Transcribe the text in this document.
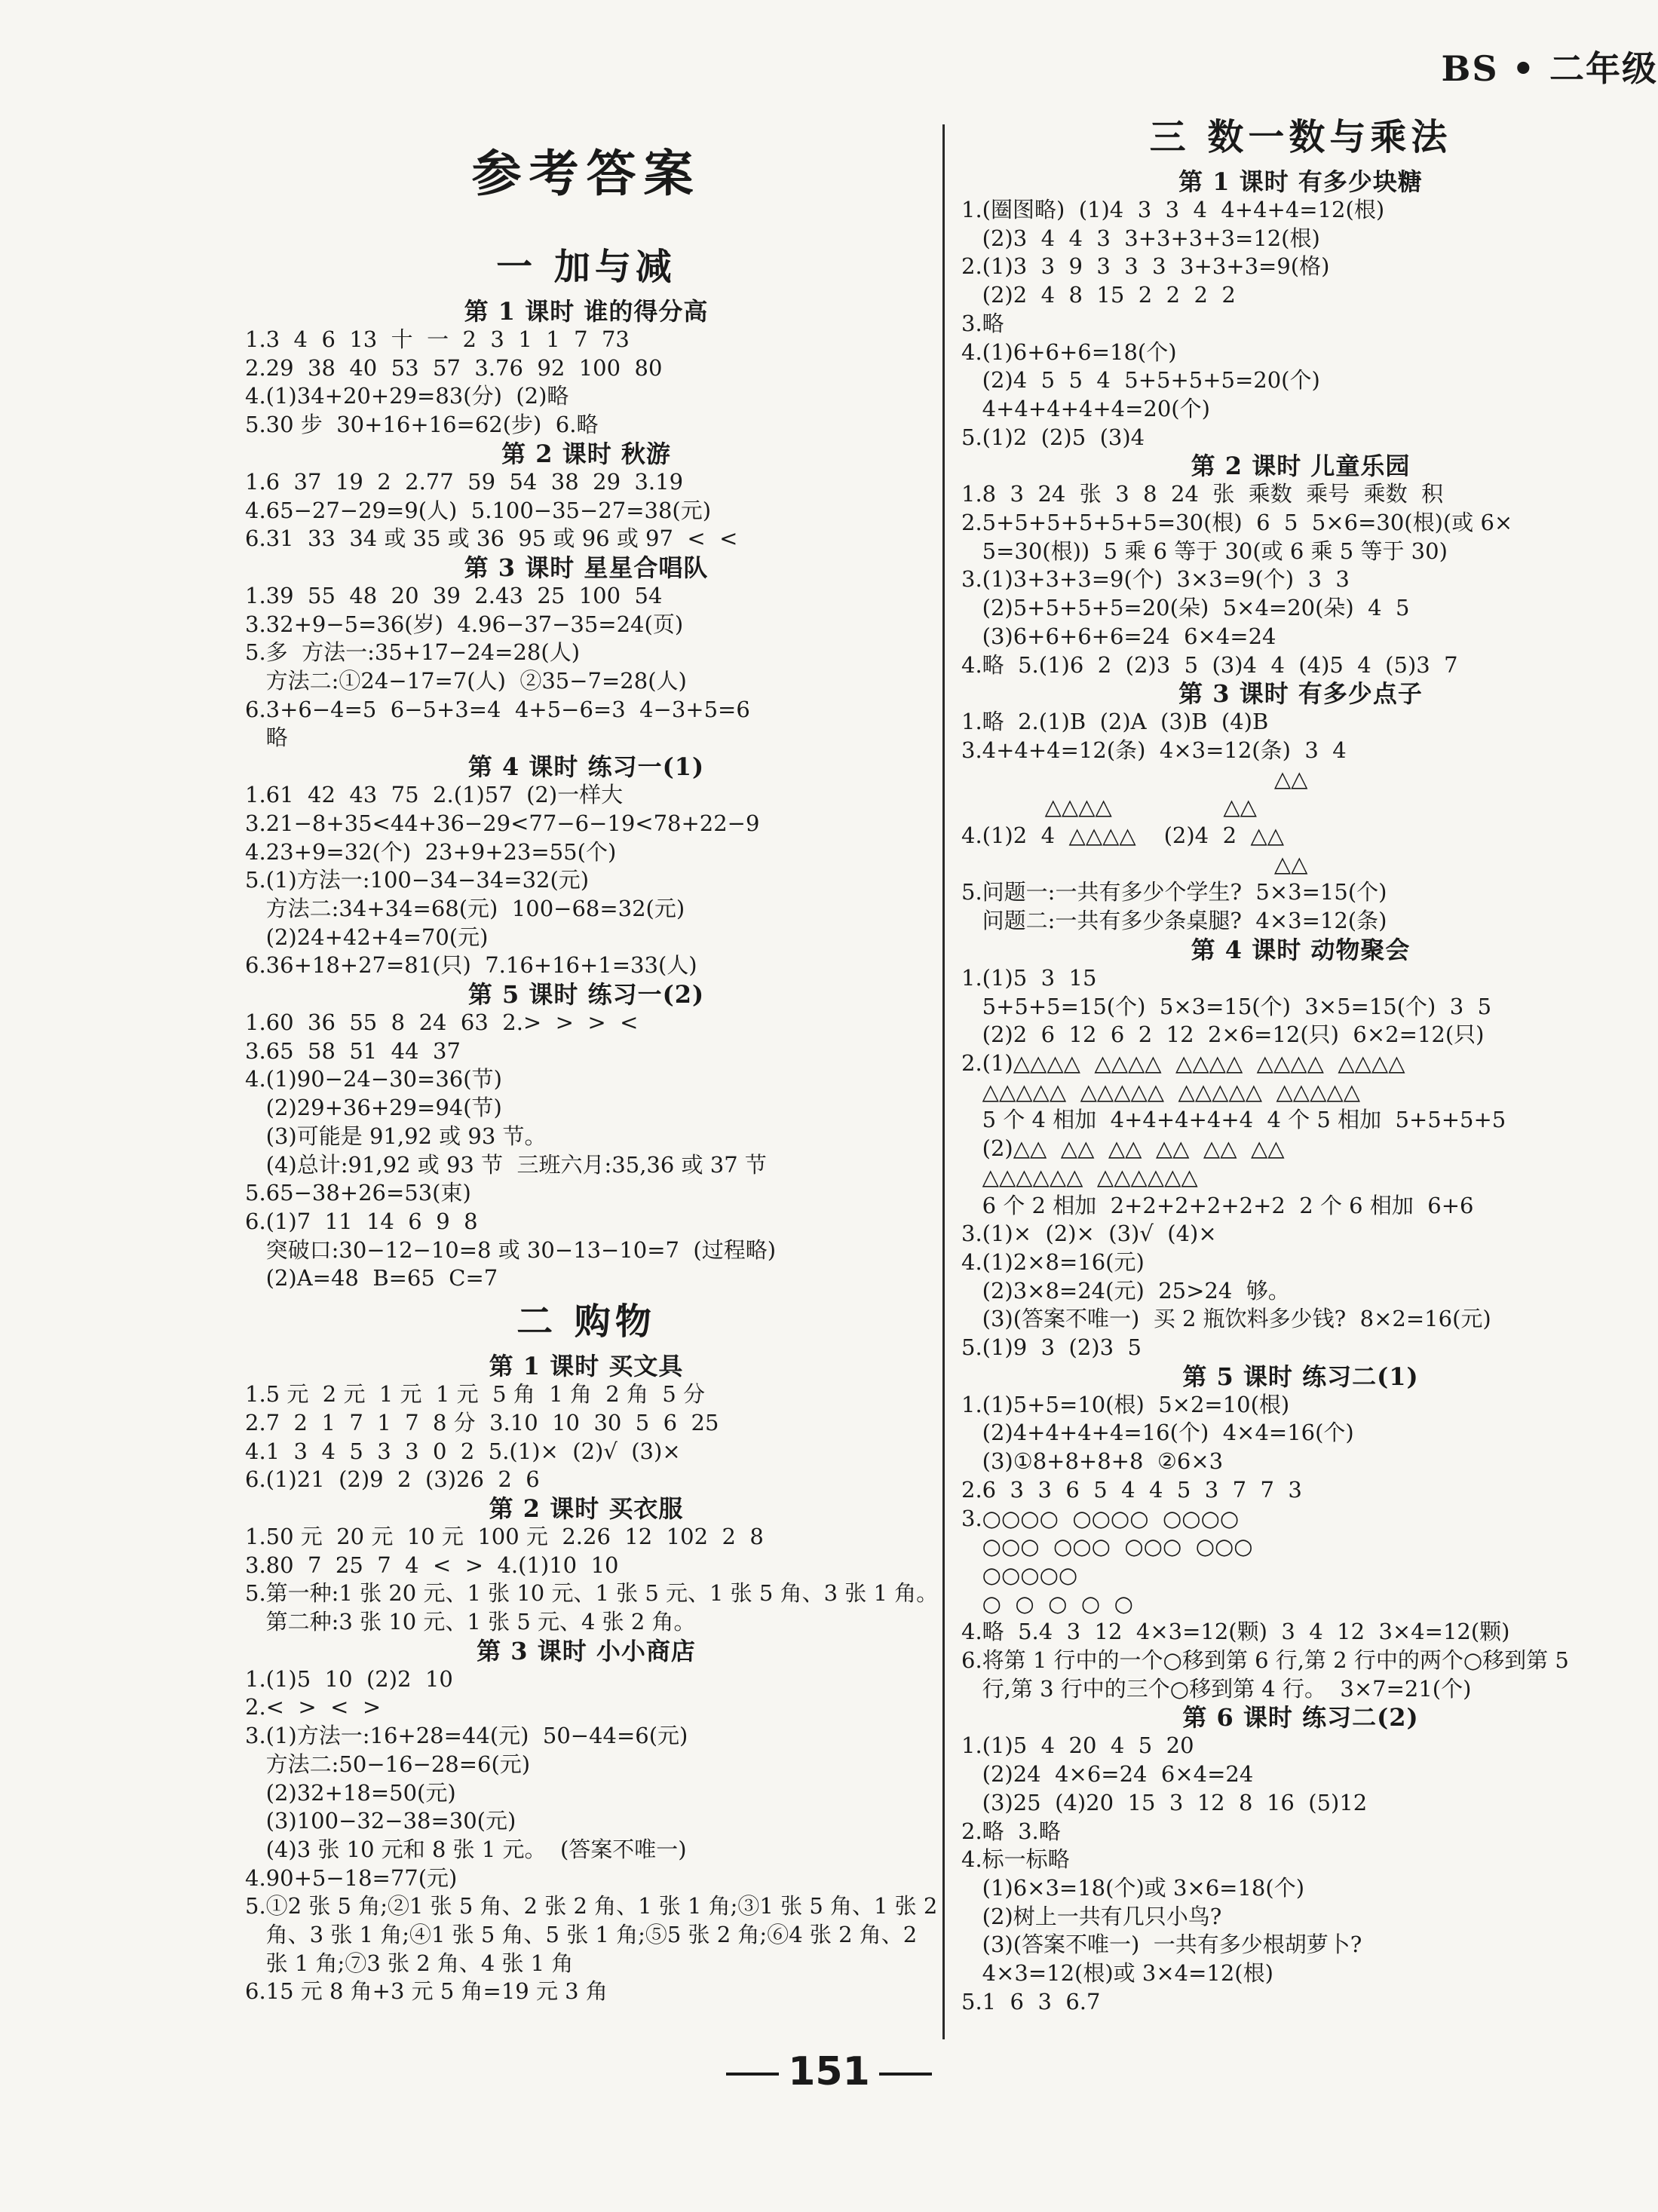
BS • 二年级
参考答案
一 加与减
第 1 课时 谁的得分高
1.3  4  6  13  十  一  2  3  1  1  7  73
2.29  38  40  53  57  3.76  92  100  80
4.(1)34+20+29=83(分)  (2)略
5.30 步  30+16+16=62(步)  6.略
第 2 课时 秋游
1.6  37  19  2  2.77  59  54  38  29  3.19
4.65−27−29=9(人)  5.100−35−27=38(元)
6.31  33  34 或 35 或 36  95 或 96 或 97  <  <
第 3 课时 星星合唱队
1.39  55  48  20  39  2.43  25  100  54
3.32+9−5=36(岁)  4.96−37−35=24(页)
5.多  方法一:35+17−24=28(人)
方法二:①24−17=7(人)  ②35−7=28(人)
6.3+6−4=5  6−5+3=4  4+5−6=3  4−3+5=6
略
第 4 课时 练习一(1)
1.61  42  43  75  2.(1)57  (2)一样大
3.21−8+35<44+36−29<77−6−19<78+22−9
4.23+9=32(个)  23+9+23=55(个)
5.(1)方法一:100−34−34=32(元)
方法二:34+34=68(元)  100−68=32(元)
(2)24+42+4=70(元)
6.36+18+27=81(只)  7.16+16+1=33(人)
第 5 课时 练习一(2)
1.60  36  55  8  24  63  2.>  >  >  <
3.65  58  51  44  37
4.(1)90−24−30=36(节)
(2)29+36+29=94(节)
(3)可能是 91,92 或 93 节。
(4)总计:91,92 或 93 节  三班六月:35,36 或 37 节
5.65−38+26=53(束)
6.(1)7  11  14  6  9  8
突破口:30−12−10=8 或 30−13−10=7  (过程略)
(2)A=48  B=65  C=7
二 购物
第 1 课时 买文具
1.5 元  2 元  1 元  1 元  5 角  1 角  2 角  5 分
2.7  2  1  7  1  7  8 分  3.10  10  30  5  6  25
4.1  3  4  5  3  3  0  2  5.(1)×  (2)√  (3)×
6.(1)21  (2)9  2  (3)26  2  6
第 2 课时 买衣服
1.50 元  20 元  10 元  100 元  2.26  12  102  2  8
3.80  7  25  7  4  <  >  4.(1)10  10
5.第一种:1 张 20 元、1 张 10 元、1 张 5 元、1 张 5 角、3 张 1 角。
第二种:3 张 10 元、1 张 5 元、4 张 2 角。
第 3 课时 小小商店
1.(1)5  10  (2)2  10
2.<  >  <  >
3.(1)方法一:16+28=44(元)  50−44=6(元)
方法二:50−16−28=6(元)
(2)32+18=50(元)
(3)100−32−38=30(元)
(4)3 张 10 元和 8 张 1 元。  (答案不唯一)
4.90+5−18=77(元)
5.①2 张 5 角;②1 张 5 角、2 张 2 角、1 张 1 角;③1 张 5 角、1 张 2
角、3 张 1 角;④1 张 5 角、5 张 1 角;⑤5 张 2 角;⑥4 张 2 角、2
张 1 角;⑦3 张 2 角、4 张 1 角
6.15 元 8 角+3 元 5 角=19 元 3 角
三 数一数与乘法
第 1 课时 有多少块糖
1.(圈图略)  (1)4  3  3  4  4+4+4=12(根)
(2)3  4  4  3  3+3+3+3=12(根)
2.(1)3  3  9  3  3  3  3+3+3=9(格)
(2)2  4  8  15  2  2  2  2
3.略
4.(1)6+6+6=18(个)
(2)4  5  5  4  5+5+5+5=20(个)
4+4+4+4+4=20(个)
5.(1)2  (2)5  (3)4
第 2 课时 儿童乐园
1.8  3  24  张  3  8  24  张  乘数  乘号  乘数  积
2.5+5+5+5+5+5=30(根)  6  5  5×6=30(根)(或 6×
5=30(根))  5 乘 6 等于 30(或 6 乘 5 等于 30)
3.(1)3+3+3=9(个)  3×3=9(个)  3  3
(2)5+5+5+5=20(朵)  5×4=20(朵)  4  5
(3)6+6+6+6=24  6×4=24
4.略  5.(1)6  2  (2)3  5  (3)4  4  (4)5  4  (5)3  7
第 3 课时 有多少点子
1.略  2.(1)B  (2)A  (3)B  (4)B
3.4+4+4=12(条)  4×3=12(条)  3  4
△△
△△△△                △△
4.(1)2  4  △△△△    (2)4  2  △△
△△
5.问题一:一共有多少个学生?  5×3=15(个)
问题二:一共有多少条桌腿?  4×3=12(条)
第 4 课时 动物聚会
1.(1)5  3  15
5+5+5=15(个)  5×3=15(个)  3×5=15(个)  3  5
(2)2  6  12  6  2  12  2×6=12(只)  6×2=12(只)
2.(1)△△△△  △△△△  △△△△  △△△△  △△△△
△△△△△  △△△△△  △△△△△  △△△△△
5 个 4 相加  4+4+4+4+4  4 个 5 相加  5+5+5+5
(2)△△  △△  △△  △△  △△  △△
△△△△△△  △△△△△△
6 个 2 相加  2+2+2+2+2+2  2 个 6 相加  6+6
3.(1)×  (2)×  (3)√  (4)×
4.(1)2×8=16(元)
(2)3×8=24(元)  25>24  够。
(3)(答案不唯一)  买 2 瓶饮料多少钱?  8×2=16(元)
5.(1)9  3  (2)3  5
第 5 课时 练习二(1)
1.(1)5+5=10(根)  5×2=10(根)
(2)4+4+4+4=16(个)  4×4=16(个)
(3)①8+8+8+8  ②6×3
2.6  3  3  6  5  4  4  5  3  7  7  3
3.○○○○  ○○○○  ○○○○
○○○  ○○○  ○○○  ○○○
○○○○○
○  ○  ○  ○  ○
4.略  5.4  3  12  4×3=12(颗)  3  4  12  3×4=12(颗)
6.将第 1 行中的一个○移到第 6 行,第 2 行中的两个○移到第 5
行,第 3 行中的三个○移到第 4 行。  3×7=21(个)
第 6 课时 练习二(2)
1.(1)5  4  20  4  5  20
(2)24  4×6=24  6×4=24
(3)25  (4)20  15  3  12  8  16  (5)12
2.略  3.略
4.标一标略
(1)6×3=18(个)或 3×6=18(个)
(2)树上一共有几只小鸟?
(3)(答案不唯一)  一共有多少根胡萝卜?
4×3=12(根)或 3×4=12(根)
5.1  6  3  6.7
151
